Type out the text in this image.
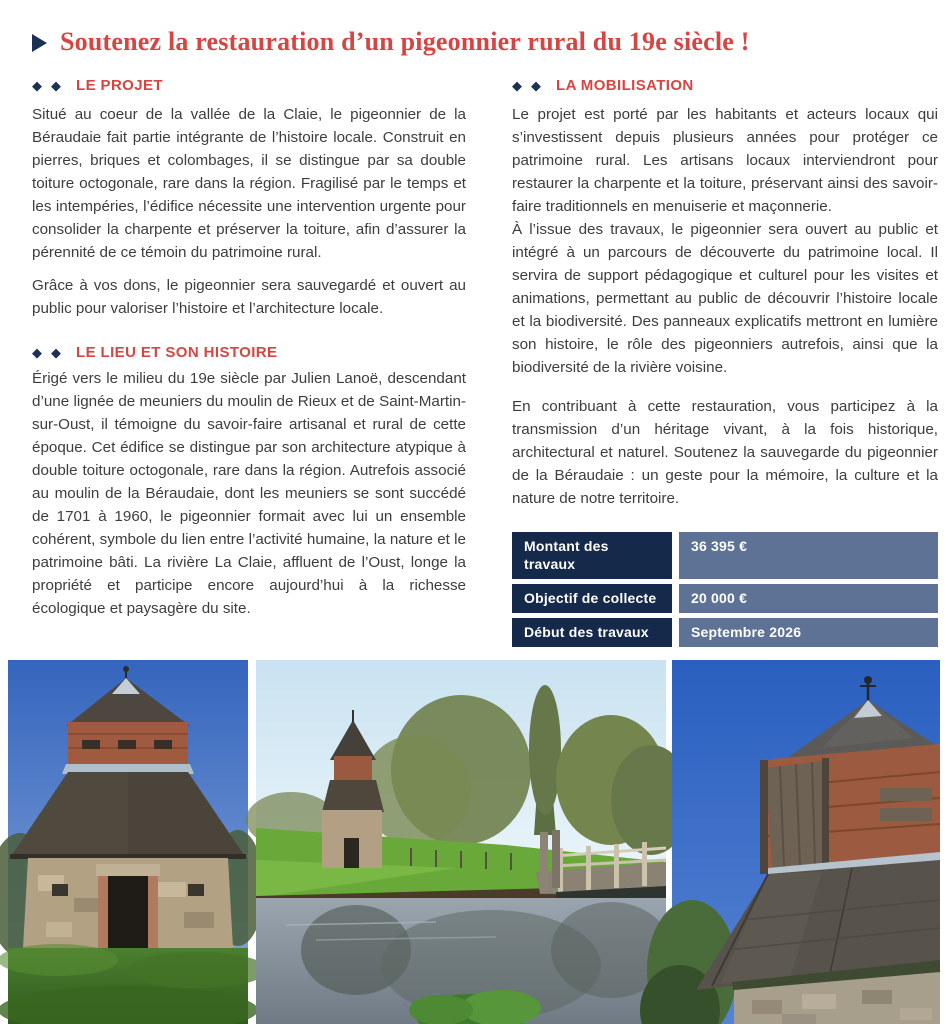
Soutenez la restauration d’un pigeonnier rural du 19e siècle !
◆ ◆ LE PROJET

Situé au coeur de la vallée de la Claie, le pigeonnier de la Béraudaie fait partie intégrante de l’histoire locale. Construit en pierres, briques et colombages, il se distingue par sa double toiture octogonale, rare dans la région. Fragilisé par le temps et les intempéries, l’édifice nécessite une intervention urgente pour consolider la charpente et préserver la toiture, afin d’assurer la pérennité de ce témoin du patrimoine rural.

Grâce à vos dons, le pigeonnier sera sauvegardé et ouvert au public pour valoriser l’histoire et l’architecture locale.

◆ ◆ LE LIEU ET SON HISTOIRE

Érigé vers le milieu du 19e siècle par Julien Lanoë, descendant d’une lignée de meuniers du moulin de Rieux et de Saint-Martin-sur-Oust, il témoigne du savoir-faire artisanal et rural de cette époque. Cet édifice se distingue par son architecture atypique à double toiture octogonale, rare dans la région. Autrefois associé au moulin de la Béraudaie, dont les meuniers se sont succédé de 1701 à 1960, le pigeonnier formait avec lui un ensemble cohérent, symbole du lien entre l’activité humaine, la nature et le patrimoine bâti. La rivière La Claie, affluent de l’Oust, longe la propriété et participe encore aujourd’hui à la richesse écologique et paysagère du site.

◆ ◆ LA MOBILISATION

Le projet est porté par les habitants et acteurs locaux qui s’investissent depuis plusieurs années pour protéger ce patrimoine rural. Les artisans locaux interviendront pour restaurer la charpente et la toiture, préservant ainsi des savoir-faire traditionnels en menuiserie et maçonnerie.

À l’issue des travaux, le pigeonnier sera ouvert au public et intégré à un parcours de découverte du patrimoine local. Il servira de support pédagogique et culturel pour les visites et animations, permettant au public de découvrir l’histoire locale et la biodiversité. Des panneaux explicatifs mettront en lumière son histoire, le rôle des pigeonniers autrefois, ainsi que la biodiversité de la rivière voisine.

En contribuant à cette restauration, vous participez à la transmission d’un héritage vivant, à la fois historique, architectural et naturel. Soutenez la sauvegarde du pigeonnier de la Béraudaie : un geste pour la mémoire, la culture et la nature de notre territoire.

Montant des travaux
36 395 €
Objectif de collecte	20 000 €
Début des travaux	Septembre 2026
